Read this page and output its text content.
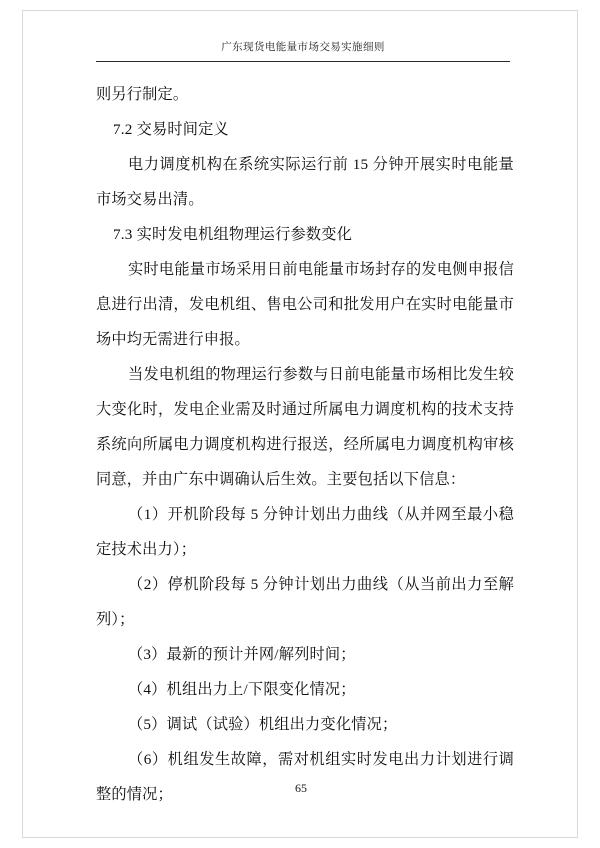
广东现货电能量市场交易实施细则

则另行制定。

7.2 交易时间定义

电力调度机构在系统实际运行前 15 分钟开展实时电能量市场交易出清。

7.3 实时发电机组物理运行参数变化

实时电能量市场采用日前电能量市场封存的发电侧申报信息进行出清，发电机组、售电公司和批发用户在实时电能量市场中均无需进行申报。

当发电机组的物理运行参数与日前电能量市场相比发生较大变化时，发电企业需及时通过所属电力调度机构的技术支持系统向所属电力调度机构进行报送，经所属电力调度机构审核同意，并由广东中调确认后生效。主要包括以下信息：

（1）开机阶段每 5 分钟计划出力曲线（从并网至最小稳定技术出力）；

（2）停机阶段每 5 分钟计划出力曲线（从当前出力至解列）；

（3）最新的预计并网/解列时间；

（4）机组出力上/下限变化情况；

（5）调试（试验）机组出力变化情况；

（6）机组发生故障，需对机组实时发电出力计划进行调整的情况；	65
